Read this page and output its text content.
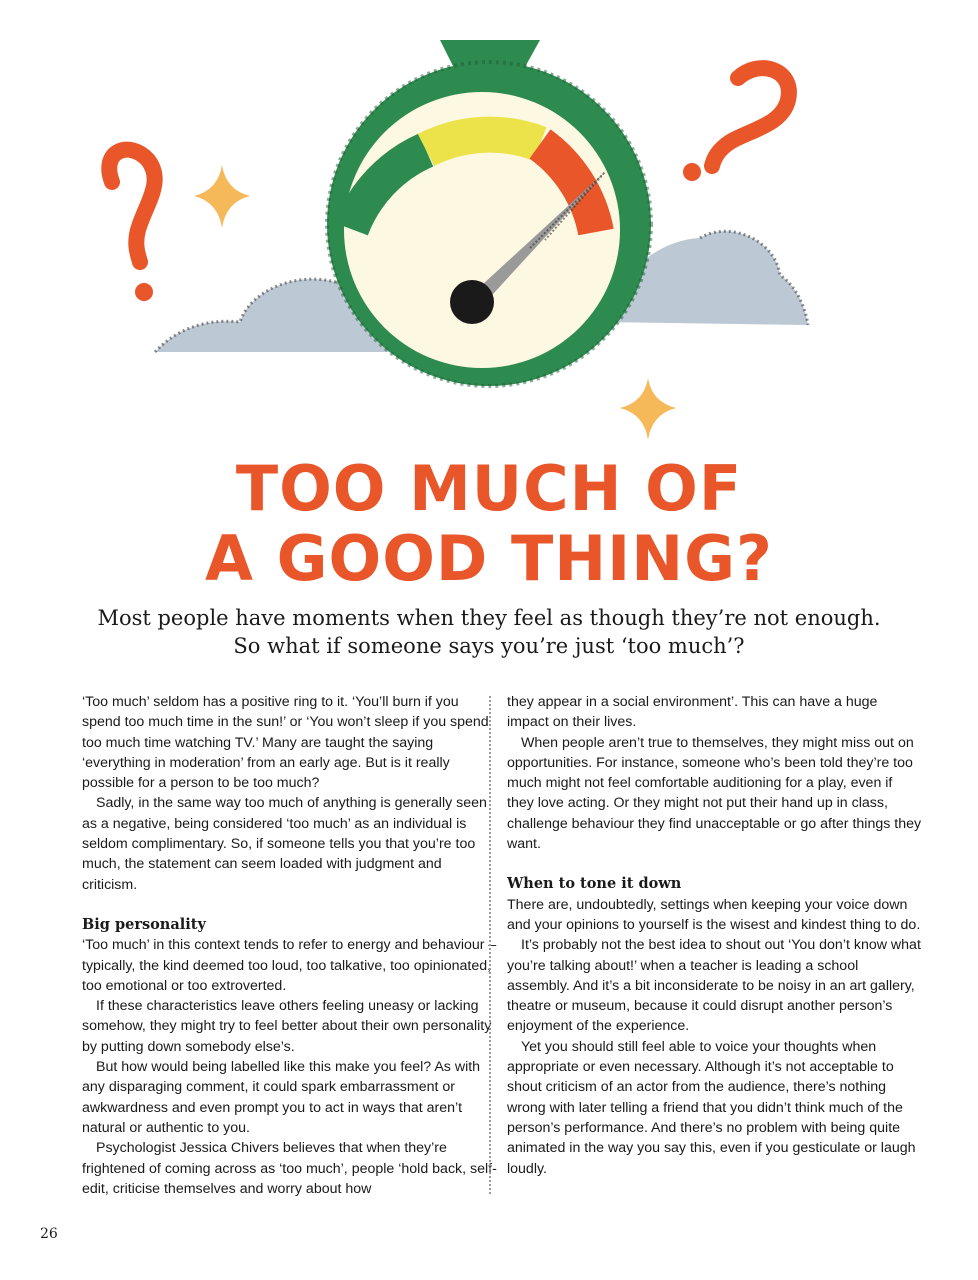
TOO MUCH OF
A GOOD THING?
Most people have moments when they feel as though they’re not enough.
So what if someone says you’re just ‘too much’?

‘Too much’ seldom has a positive ring to it. ‘You’ll burn if you spend too much time in the sun!’ or ‘You won’t sleep if you spend too much time watching TV.’ Many are taught the saying ‘everything in moderation’ from an early age. But is it really possible for a person to be too much?

Sadly, in the same way too much of anything is generally seen as a negative, being considered ‘too much’ as an individual is seldom complimentary. So, if someone tells you that you’re too much, the statement can seem loaded with judgment and criticism.

Big personality

‘Too much’ in this context tends to refer to energy and behaviour – typically, the kind deemed too loud, too talkative, too opinionated, too emotional or too extroverted.

If these characteristics leave others feeling uneasy or lacking somehow, they might try to feel better about their own personality by putting down somebody else’s.

But how would being labelled like this make you feel? As with any disparaging comment, it could spark embarrassment or awkwardness and even prompt you to act in ways that aren’t natural or authentic to you.

Psychologist Jessica Chivers believes that when they’re frightened of coming across as ‘too much’, people ‘hold back, self-edit, criticise themselves and worry about how

they appear in a social environment’. This can have a huge impact on their lives.

When people aren’t true to themselves, they might miss out on opportunities. For instance, someone who’s been told they’re too much might not feel comfortable auditioning for a play, even if they love acting. Or they might not put their hand up in class, challenge behaviour they find unacceptable or go after things they want.

When to tone it down

There are, undoubtedly, settings when keeping your voice down and your opinions to yourself is the wisest and kindest thing to do.

It’s probably not the best idea to shout out ‘You don’t know what you’re talking about!’ when a teacher is leading a school assembly. And it’s a bit inconsiderate to be noisy in an art gallery, theatre or museum, because it could disrupt another person’s enjoyment of the experience.

Yet you should still feel able to voice your thoughts when appropriate or even necessary. Although it’s not acceptable to shout criticism of an actor from the audience, there’s nothing wrong with later telling a friend that you didn’t think much of the person’s performance. And there’s no problem with being quite animated in the way you say this, even if you gesticulate or laugh loudly.

26
